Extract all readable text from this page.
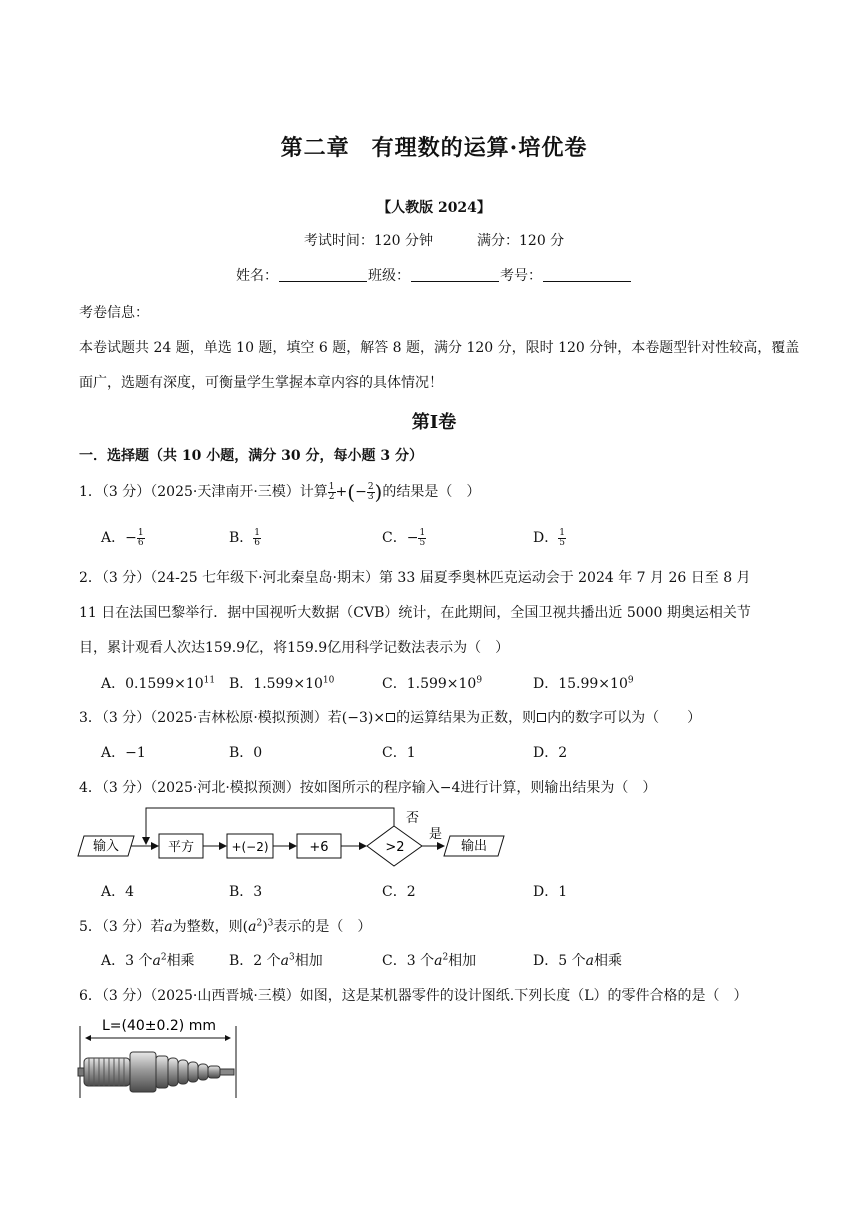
第二章 有理数的运算·培优卷
【人教版 2024】
考试时间：120 分钟	满分：120 分
姓名：	班级：	考号：
考卷信息：
本卷试题共 24 题，单选 10 题，填空 6 题，解答 8 题，满分 120 分，限时 120 分钟，本卷题型针对性较高，覆盖
面广，选题有深度，可衡量学生掌握本章内容的具体情况！
第Ⅰ卷
一．选择题（共 10 小题，满分 30 分，每小题 3 分）
1．（3 分）（2025·天津南开·三模）计算 $\frac{1}{2}$ +(− $\frac{2}{3}$ )的结果是（　）
A．− $\frac{1}{6}$	B． $\frac{1}{6}$	C．− $\frac{1}{5}$	D． $\frac{1}{5}$
2．（3 分）（24-25 七年级下·河北秦皇岛·期末）第 33 届夏季奥林匹克运动会于 2024 年 7 月 26 日至 8 月
11 日在法国巴黎举行．据中国视听大数据（CVB）统计，在此期间，全国卫视共播出近 5000 期奥运相关节
目，累计观看人次达159.9亿，将159.9亿用科学记数法表示为（　）
A．$0.1599\times 10^{11}$ B．$1.599\times 10^{10}$	C．$1.599\times 10^9$	D．$15.99\times 10^9$
3．（3 分）（2025·吉林松原·模拟预测）若(−3)× 的运算结果为正数，则 内的数字可以为（　　）
A．−1	B．0	C．1	D．2
4．（3 分）（2025·河北·模拟预测）按如图所示的程序输入−4进行计算，则输出结果为（　）
输入	平方	+(−2)	+6	>2
否
是
输出
A．4	B．3	C．2	D．1
5．（3 分）若a为整数，则$(a^2)^3$表示的是（　）
A．3 个$a^2$相乘 B．2 个$a^3$相加	C．3 个$a^2$相加	D．5 个a相乘
6．（3 分）（2025·山西晋城·三模）如图，这是某机器零件的设计图纸.下列长度（L）的零件合格的是（　）
L=(40±0.2) mm
